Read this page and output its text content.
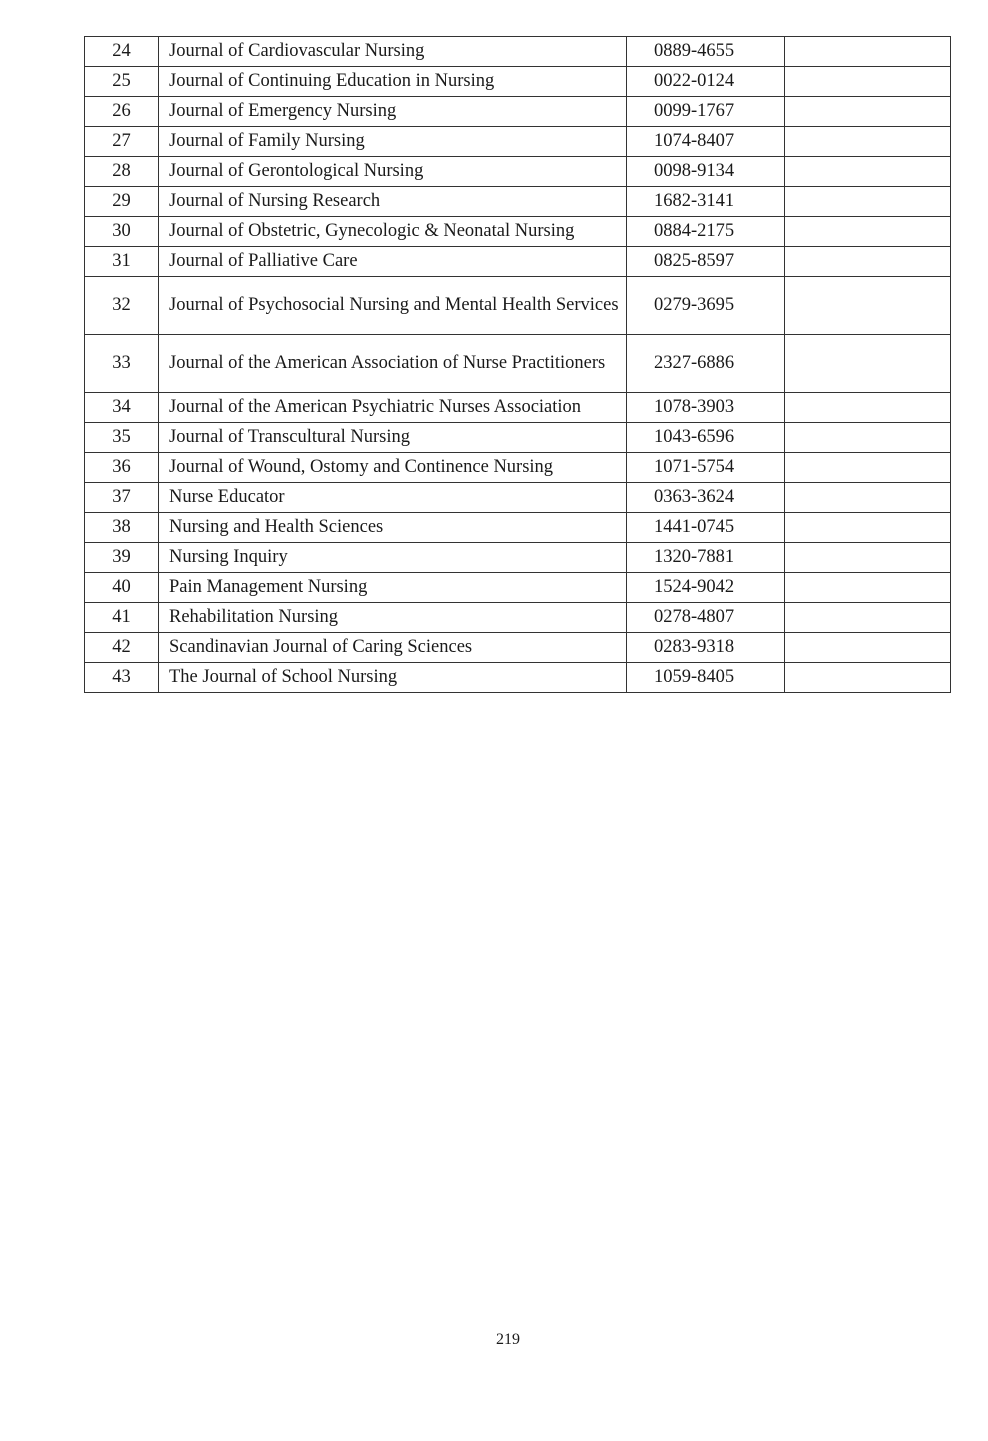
24	Journal of Cardiovascular Nursing	0889-4655	
25	Journal of Continuing Education in Nursing	0022-0124	
26	Journal of Emergency Nursing	0099-1767	
27	Journal of Family Nursing	1074-8407	
28	Journal of Gerontological Nursing	0098-9134	
29	Journal of Nursing Research	1682-3141	
30	Journal of Obstetric, Gynecologic & Neonatal Nursing	0884-2175	
31	Journal of Palliative Care	0825-8597	
32	Journal of Psychosocial Nursing and Mental Health Services	0279-3695	
33	Journal of the American Association of Nurse Practitioners	2327-6886	
34	Journal of the American Psychiatric Nurses Association	1078-3903	
35	Journal of Transcultural Nursing	1043-6596	
36	Journal of Wound, Ostomy and Continence Nursing	1071-5754	
37	Nurse Educator	0363-3624	
38	Nursing and Health Sciences	1441-0745	
39	Nursing Inquiry	1320-7881	
40	Pain Management Nursing	1524-9042	
41	Rehabilitation Nursing	0278-4807	
42	Scandinavian Journal of Caring Sciences	0283-9318	
43	The Journal of School Nursing	1059-8405	
219
